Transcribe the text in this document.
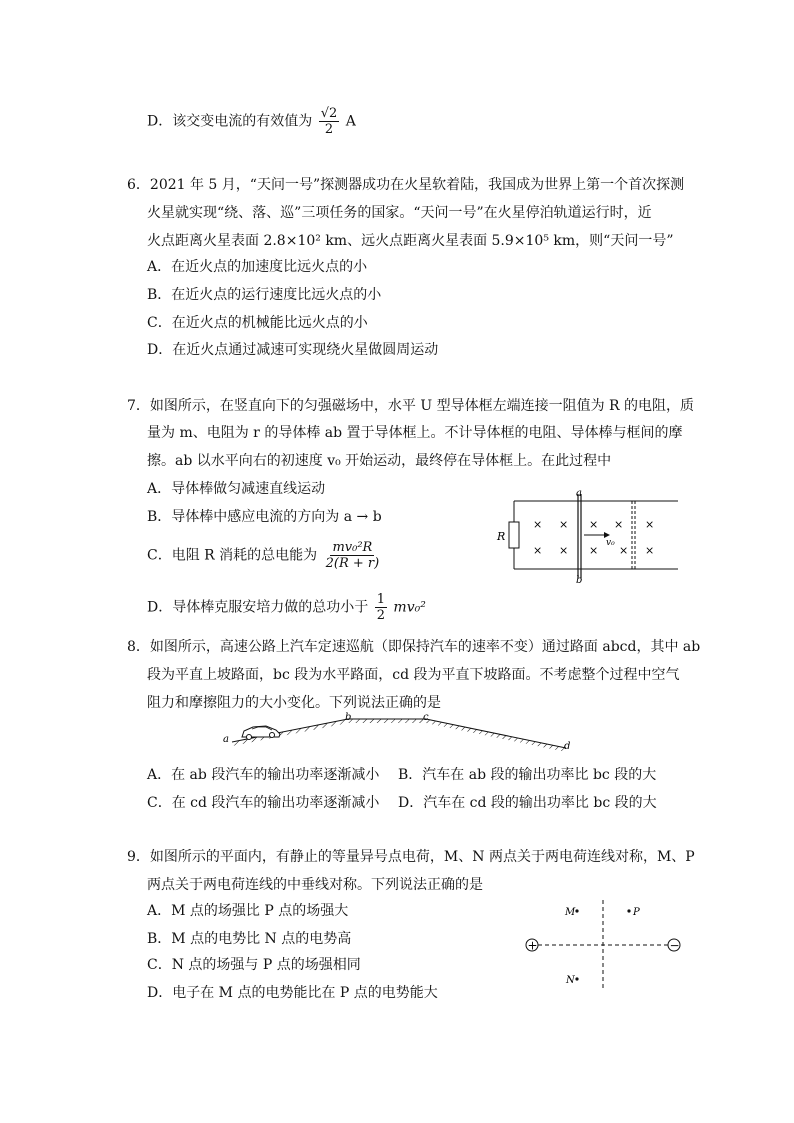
D．该交变电流的有效值为 $\frac{√2}{2}$ A
6．2021 年 5 月，“天问一号”探测器成功在火星软着陆，我国成为世界上第一个首次探测
火星就实现“绕、落、巡”三项任务的国家。“天问一号”在火星停泊轨道运行时，近
火点距离火星表面 2.8×10² km、远火点距离火星表面 5.9×10⁵ km，则“天问一号”
A．在近火点的加速度比远火点的小
B．在近火点的运行速度比远火点的小
C．在近火点的机械能比远火点的小
D．在近火点通过减速可实现绕火星做圆周运动
7．如图所示，在竖直向下的匀强磁场中，水平 U 型导体框左端连接一阻值为 R 的电阻，质
量为 m、电阻为 r 的导体棒 ab 置于导体框上。不计导体框的电阻、导体棒与框间的摩
擦。ab 以水平向右的初速度 v₀ 开始运动，最终停在导体框上。在此过程中
A．导体棒做匀减速直线运动
B．导体棒中感应电流的方向为 a → b
C．电阻 R 消耗的总电能为 $\frac{\text{mv₀²R}}{2(R + r)}$
D．导体棒克服安培力做的总功小于 $\frac{1}{2} mv_0^2$
R
a
b
v₀
× ×
× ×
× ×
×
×
×
×
8．如图所示，高速公路上汽车定速巡航（即保持汽车的速率不变）通过路面 abcd，其中 ab
段为平直上坡路面，bc 段为水平路面，cd 段为平直下坡路面。不考虑整个过程中空气
阻力和摩擦阻力的大小变化。下列说法正确的是
a
b	c
d
A．在 ab 段汽车的输出功率逐渐减小 B．汽车在 ab 段的输出功率比 bc 段的大
C．在 cd 段汽车的输出功率逐渐减小 D．汽车在 cd 段的输出功率比 bc 段的大
9．如图所示的平面内，有静止的等量异号点电荷，M、N 两点关于两电荷连线对称，M、P
两点关于两电荷连线的中垂线对称。下列说法正确的是
A．M 点的场强比 P 点的场强大
B．M 点的电势比 N 点的电势高
C．N 点的场强与 P 点的场强相同
D．电子在 M 点的电势能比在 P 点的电势能大
+	−
M	P
N
